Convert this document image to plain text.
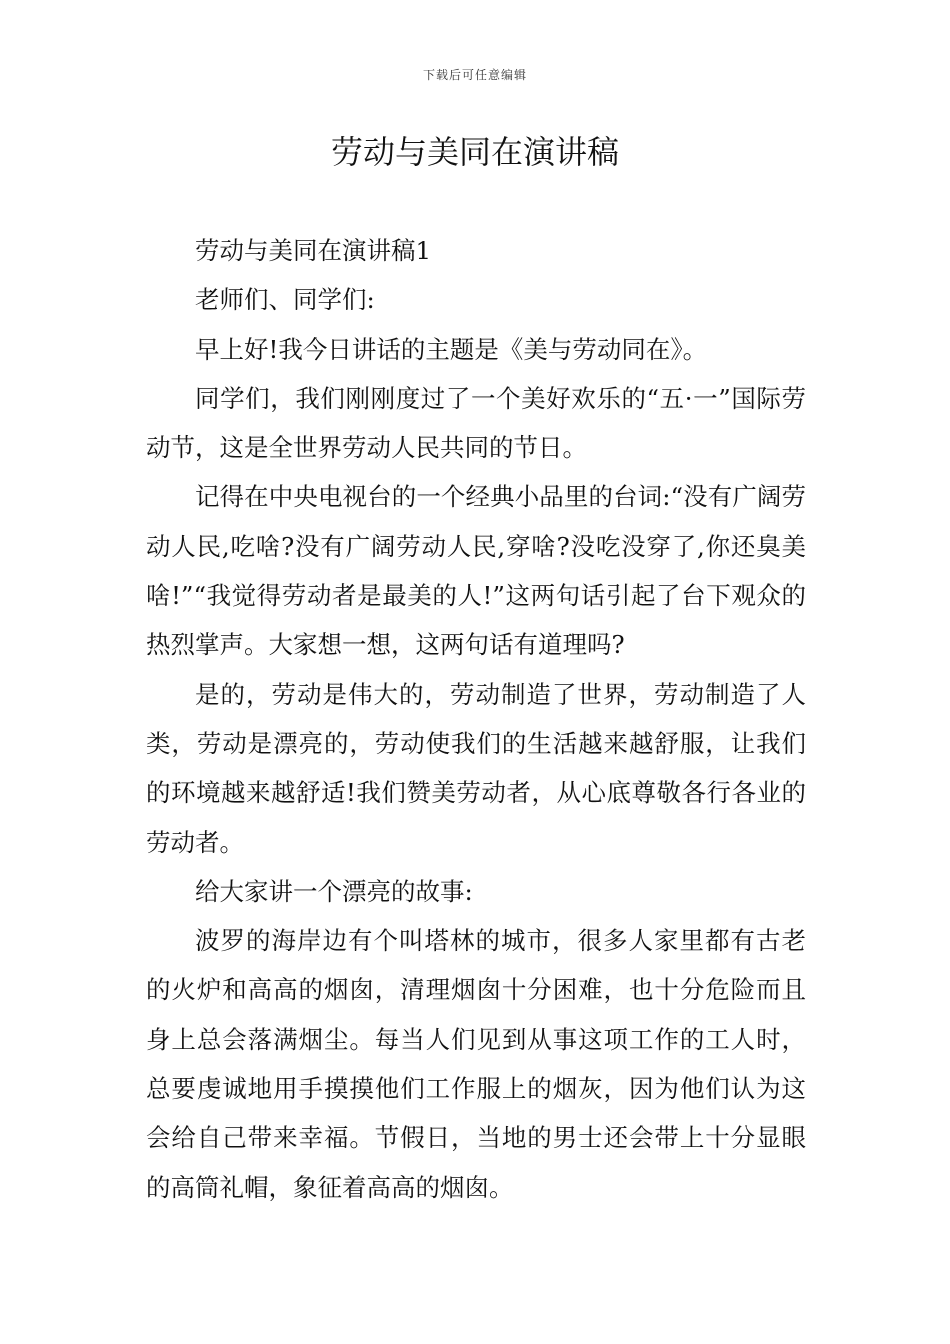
下载后可任意编辑
劳动与美同在演讲稿

劳动与美同在演讲稿1

老师们、同学们:

早上好!我今日讲话的主题是《美与劳动同在》。

同学们，我们刚刚度过了一个美好欢乐的“五·一”国际劳动节，这是全世界劳动人民共同的节日。

记得在中央电视台的一个经典小品里的台词:“没有广阔劳动人民,吃啥?没有广阔劳动人民,穿啥?没吃没穿了,你还臭美啥!”“我觉得劳动者是最美的人!”这两句话引起了台下观众的热烈掌声。大家想一想，这两句话有道理吗?

是的，劳动是伟大的，劳动制造了世界，劳动制造了人类，劳动是漂亮的，劳动使我们的生活越来越舒服，让我们的环境越来越舒适!我们赞美劳动者，从心底尊敬各行各业的劳动者。

给大家讲一个漂亮的故事:

波罗的海岸边有个叫塔林的城市，很多人家里都有古老的火炉和高高的烟囱，清理烟囱十分困难，也十分危险而且身上总会落满烟尘。每当人们见到从事这项工作的工人时，总要虔诚地用手摸摸他们工作服上的烟灰，因为他们认为这会给自己带来幸福。节假日，当地的男士还会带上十分显眼的高筒礼帽，象征着高高的烟囱。
